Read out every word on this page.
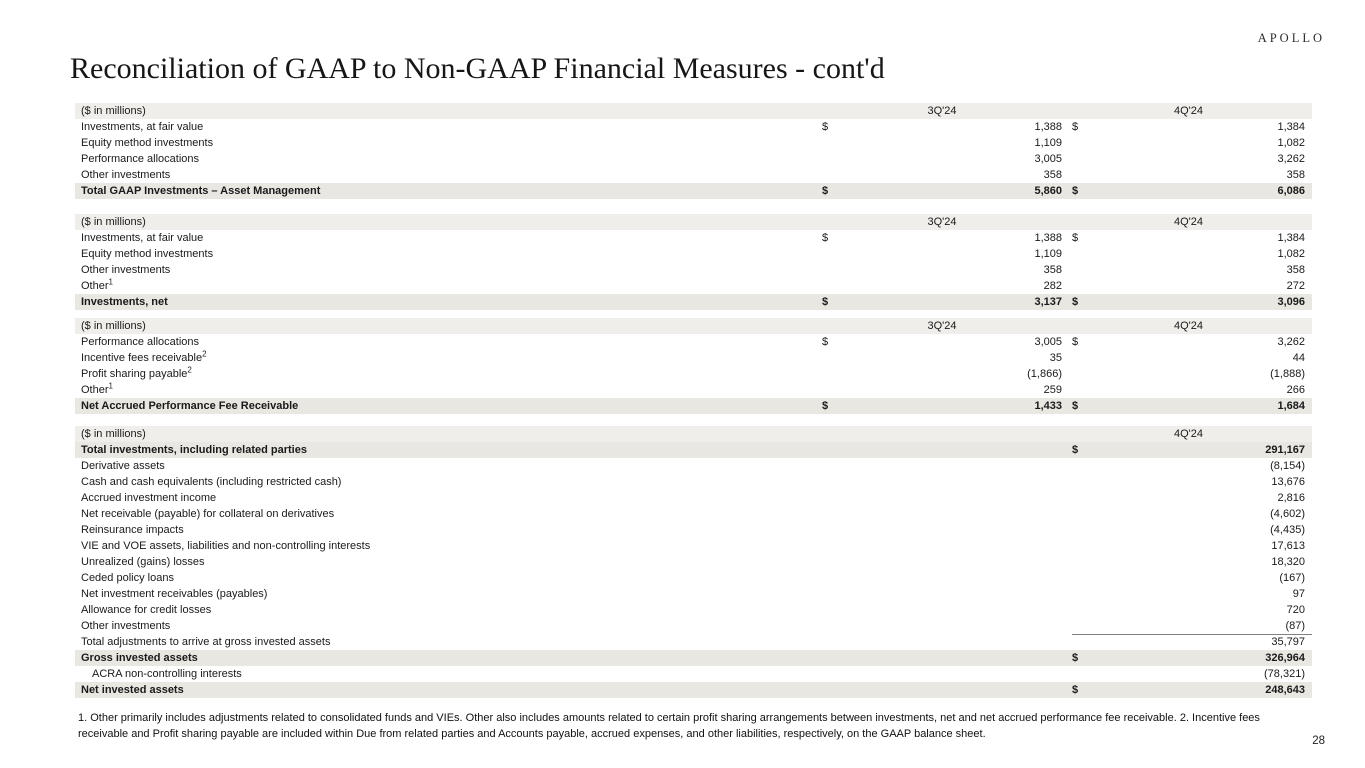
APOLLO
Reconciliation of GAAP to Non-GAAP Financial Measures - cont'd
($ in millions)	3Q'24	4Q'24
Investments, at fair value	$	1,388 $	1,384
Equity method investments	1,109	1,082
Performance allocations	3,005	3,262
Other investments	358	358
Total GAAP Investments – Asset Management	$	5,860 $	6,086
($ in millions)	3Q'24	4Q'24
Investments, at fair value	$	1,388 $	1,384
Equity method investments	1,109	1,082
Other investments	358	358
Other$^1$	282	272
Investments, net	$	3,137 $	3,096
($ in millions)	3Q'24	4Q'24
Performance allocations	$	3,005 $	3,262
Incentive fees receivable$^2$	35	44
Profit sharing payable$^2$	(1,866)	(1,888)
Other$^1$	259	266
Net Accrued Performance Fee Receivable	$	1,433 $	1,684
($ in millions)	4Q'24
Total investments, including related parties	$	291,167
Derivative assets	(8,154)
Cash and cash equivalents (including restricted cash)	13,676
Accrued investment income	2,816
Net receivable (payable) for collateral on derivatives	(4,602)
Reinsurance impacts	(4,435)
VIE and VOE assets, liabilities and non-controlling interests	17,613
Unrealized (gains) losses	18,320
Ceded policy loans	(167)
Net investment receivables (payables)	97
Allowance for credit losses	720
Other investments	(87)
Total adjustments to arrive at gross invested assets	35,797
Gross invested assets	$	326,964
ACRA non-controlling interests	(78,321)
Net invested assets	$	248,643
1. Other primarily includes adjustments related to consolidated funds and VIEs. Other also includes amounts related to certain profit sharing arrangements between investments, net and net accrued performance fee receivable. 2. Incentive fees receivable and Profit sharing payable are included within Due from related parties and Accounts payable, accrued expenses, and other liabilities, respectively, on the GAAP balance sheet.
28
